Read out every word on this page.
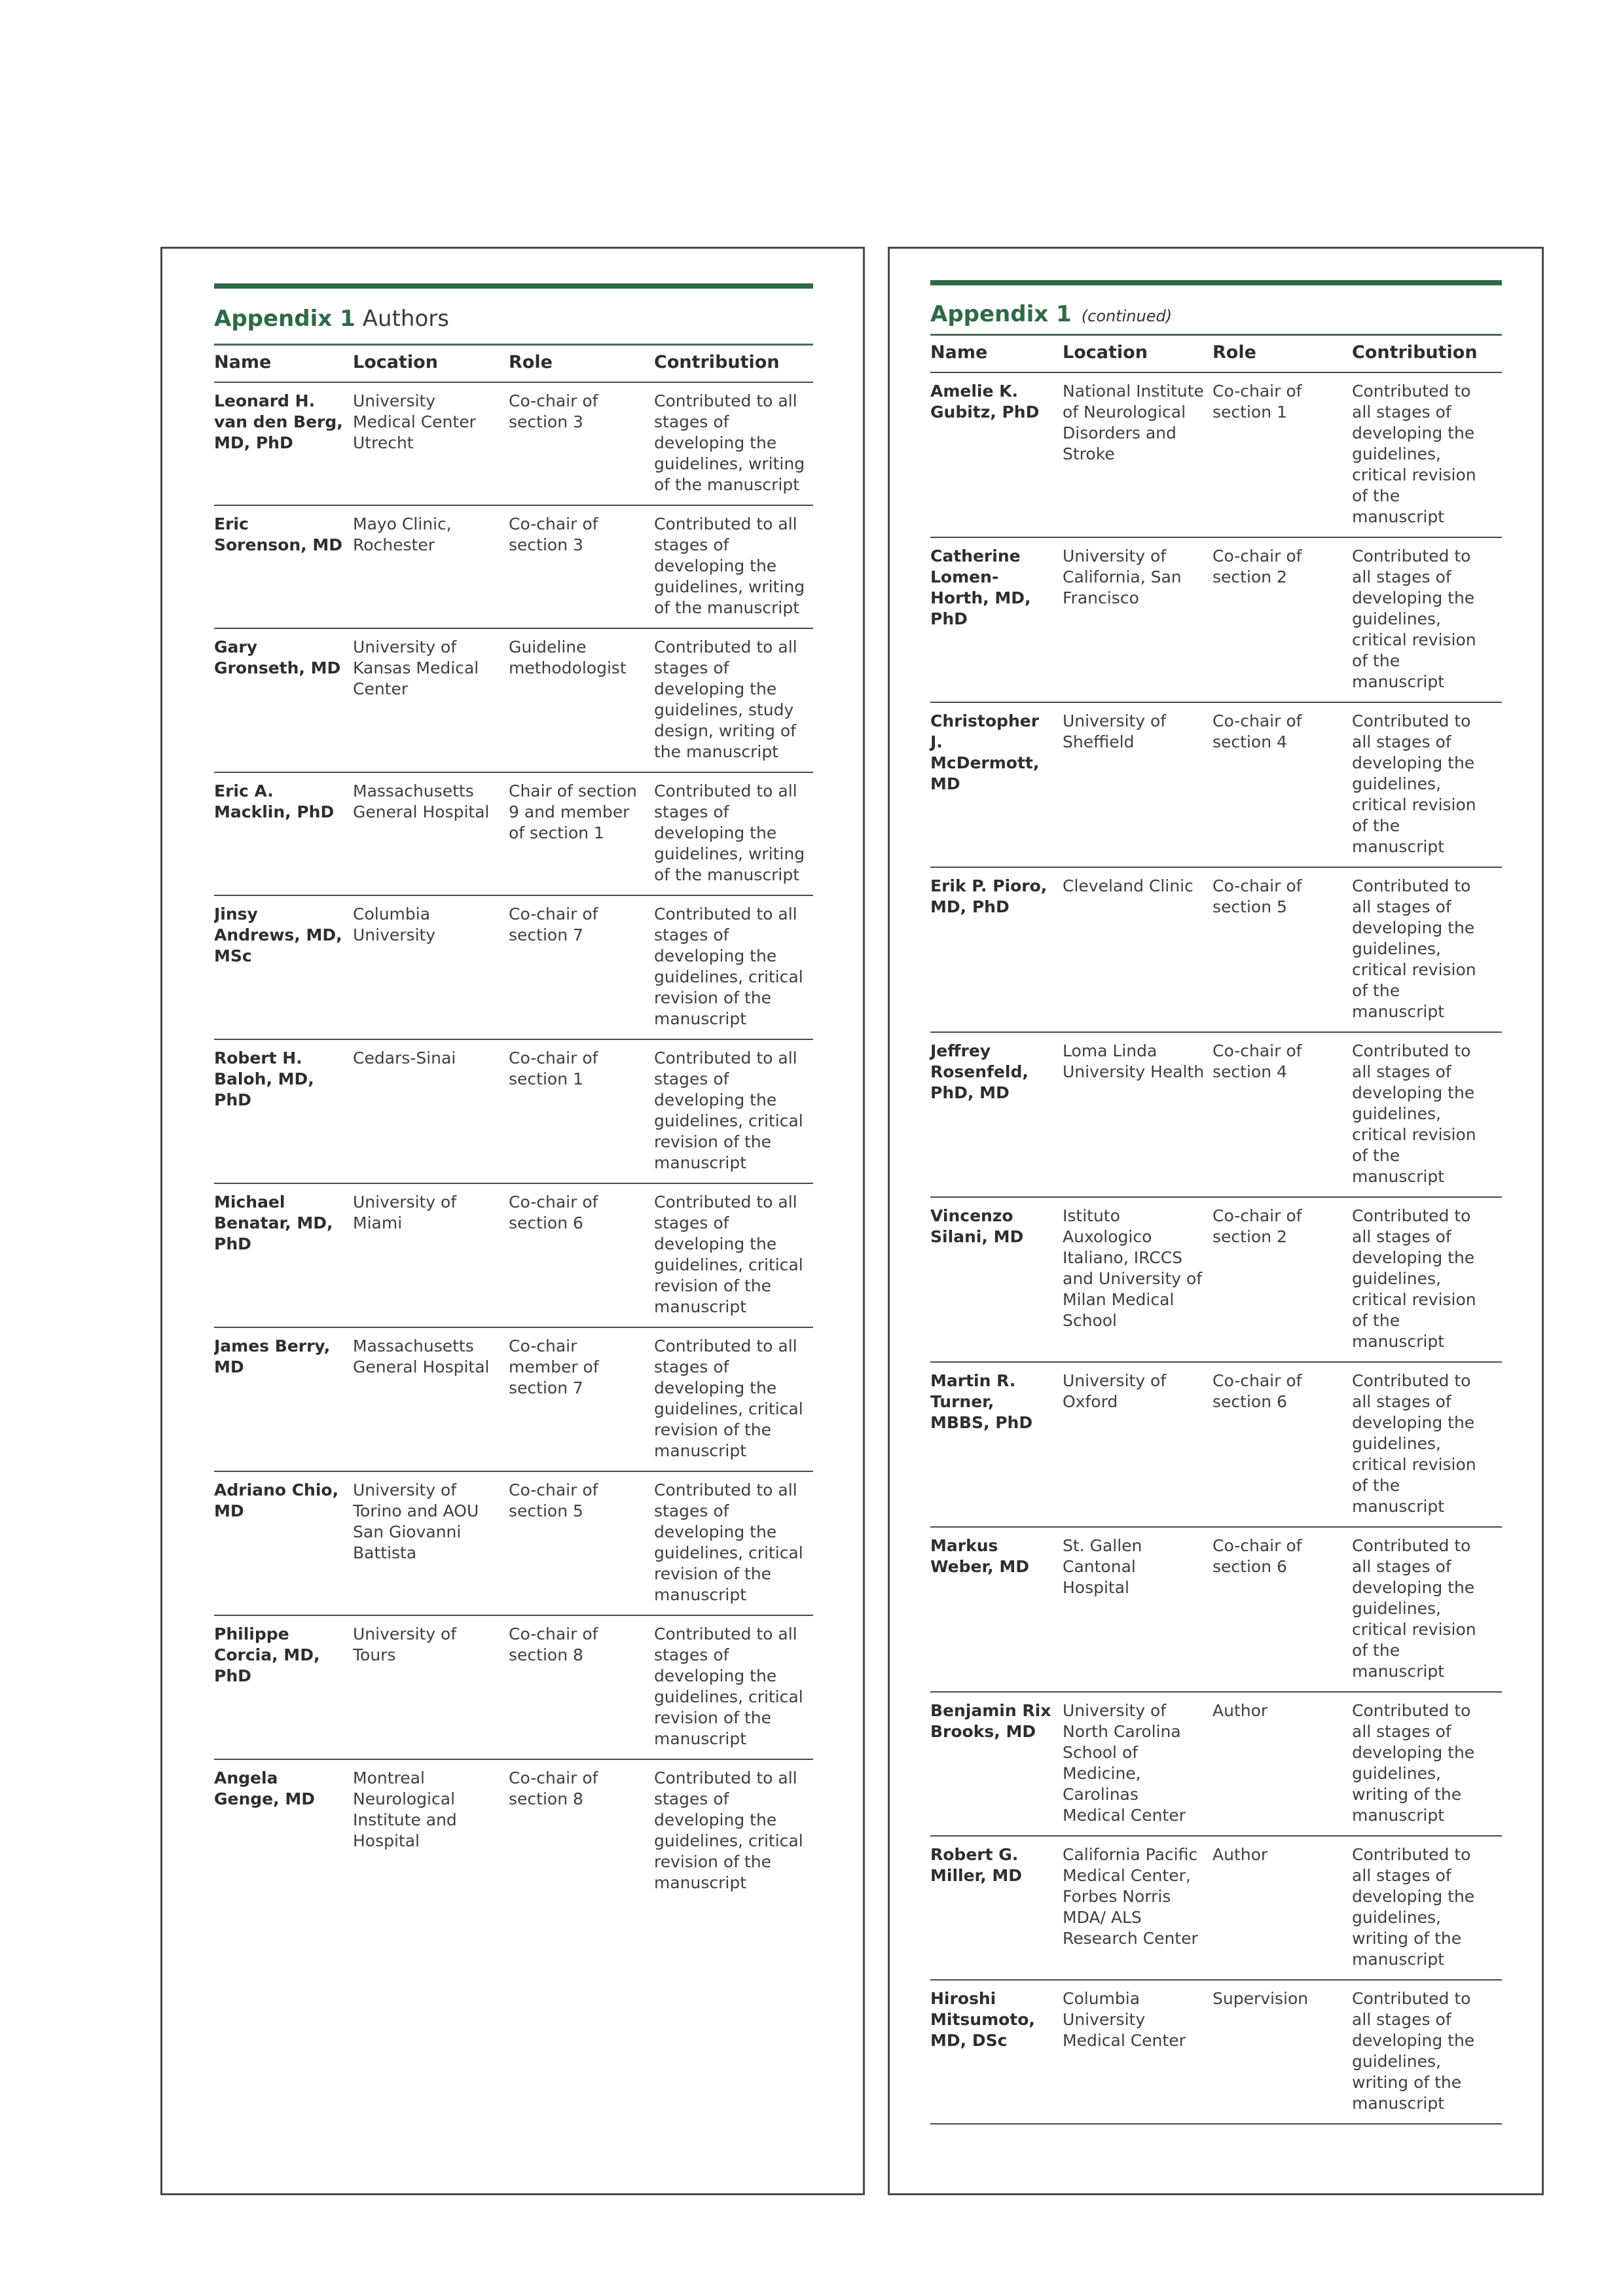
Appendix 1 Authors
Name	Location	Role	Contribution
Leonard H. van den Berg, MD, PhD	University Medical Center Utrecht	Co-chair of section 3	Contributed to all stages of developing the guidelines, writing of the manuscript
Eric Sorenson, MD	Mayo Clinic, Rochester	Co-chair of section 3	Contributed to all stages of developing the guidelines, writing of the manuscript
Gary Gronseth, MD	University of Kansas Medical Center	Guideline methodologist	Contributed to all stages of developing the guidelines, study design, writing of the manuscript
Eric A. Macklin, PhD	Massachusetts General Hospital	Chair of section 9 and member of section 1	Contributed to all stages of developing the guidelines, writing of the manuscript
Jinsy Andrews, MD, MSc	Columbia University	Co-chair of section 7	Contributed to all stages of developing the guidelines, critical revision of the manuscript
Robert H. Baloh, MD, PhD	Cedars-Sinai	Co-chair of section 1	Contributed to all stages of developing the guidelines, critical revision of the manuscript
Michael Benatar, MD, PhD	University of Miami	Co-chair of section 6	Contributed to all stages of developing the guidelines, critical revision of the manuscript
James Berry, MD	Massachusetts General Hospital	Co-chair member of section 7	Contributed to all stages of developing the guidelines, critical revision of the manuscript
Adriano Chio, MD	University of Torino and AOU San Giovanni Battista	Co-chair of section 5	Contributed to all stages of developing the guidelines, critical revision of the manuscript
Philippe Corcia, MD, PhD	University of Tours	Co-chair of section 8	Contributed to all stages of developing the guidelines, critical revision of the manuscript
Angela Genge, MD	Montreal Neurological Institute and Hospital	Co-chair of section 8	Contributed to all stages of developing the guidelines, critical revision of the manuscript
Appendix 1 (continued)
Name	Location	Role	Contribution
Amelie K. Gubitz, PhD	National Institute of Neurological Disorders and Stroke	Co-chair of section 1	Contributed to all stages of developing the guidelines, critical revision of the manuscript
Catherine Lomen-Horth, MD, PhD	University of California, San Francisco	Co-chair of section 2	Contributed to all stages of developing the guidelines, critical revision of the manuscript
Christopher J. McDermott, MD	University of Sheffield	Co-chair of section 4	Contributed to all stages of developing the guidelines, critical revision of the manuscript
Erik P. Pioro, MD, PhD	Cleveland Clinic	Co-chair of section 5	Contributed to all stages of developing the guidelines, critical revision of the manuscript
Jeffrey Rosenfeld, PhD, MD	Loma Linda University Health	Co-chair of section 4	Contributed to all stages of developing the guidelines, critical revision of the manuscript
Vincenzo Silani, MD	Istituto Auxologico Italiano, IRCCS and University of Milan Medical School	Co-chair of section 2	Contributed to all stages of developing the guidelines, critical revision of the manuscript
Martin R. Turner, MBBS, PhD	University of Oxford	Co-chair of section 6	Contributed to all stages of developing the guidelines, critical revision of the manuscript
Markus Weber, MD	St. Gallen Cantonal Hospital	Co-chair of section 6	Contributed to all stages of developing the guidelines, critical revision of the manuscript
Benjamin Rix Brooks, MD	University of North Carolina School of Medicine, Carolinas Medical Center	Author	Contributed to all stages of developing the guidelines, writing of the manuscript
Robert G. Miller, MD	California Pacific Medical Center, Forbes Norris MDA/ ALS Research Center	Author	Contributed to all stages of developing the guidelines, writing of the manuscript
Hiroshi Mitsumoto, MD, DSc	Columbia University Medical Center	Supervision	Contributed to all stages of developing the guidelines, writing of the manuscript
